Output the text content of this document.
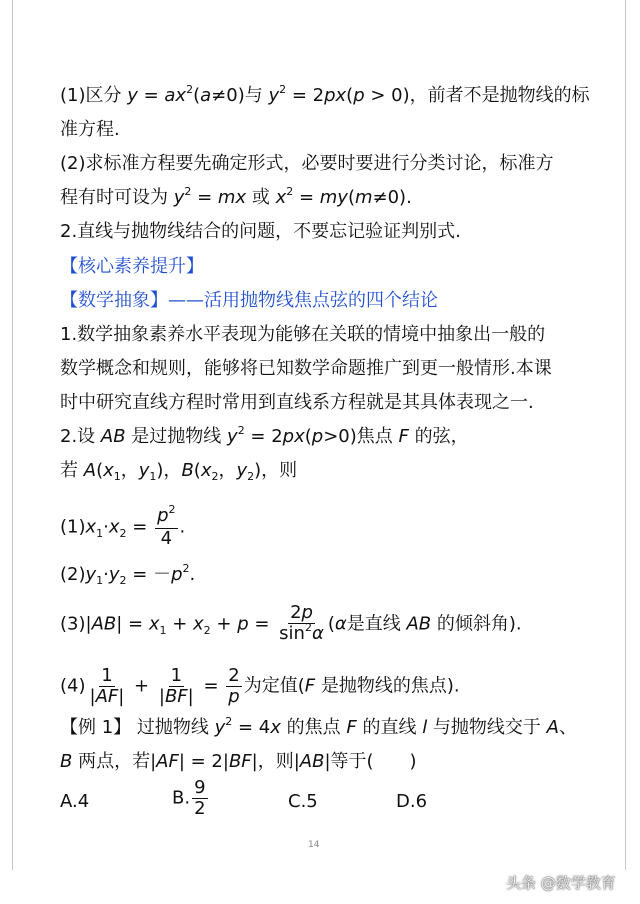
(1)区分 $y = ax^2(a\ne 0)$与 $y^2 = 2px(p > 0)$，前者不是抛物线的标
准方程.
(2)求标准方程要先确定形式，必要时要进行分类讨论，标准方
程有时可设为 $y^2$ = mx 或 $x^2 = my(m\ne 0)$.
2.直线与抛物线结合的问题，不要忘记验证判别式.
【核心素养提升】
【数学抽象】——活用抛物线焦点弦的四个结论
1.数学抽象素养水平表现为能够在关联的情境中抽象出一般的
数学概念和规则，能够将已知数学命题推广到更一般情形.本课
时中研究直线方程时常用到直线系方程就是其具体表现之一.
2.设 AB 是过抛物线 $y^2 = 2px(p>0)$焦点 F 的弦，
若 $A(x_1$，$y_1$)，$B(x_2$，$y_2$)，则
$(1)x_1\cdot x_2 = \frac{p^2}{4}$ .
$(2)y_1\cdot y_2 = -p^2$.
$(3)|AB| = x_1 + x_2 + p = \frac{2p}{\sin^2\alpha} (\alpha$是直线 AB 的倾斜角).
$(4) \frac{1}{|AF|} + \frac{1}{|BF|} = \frac{2}{p}$ 为定值(F 是抛物线的焦点).
【例 1】 过抛物线 $y^2 = 4x$ 的焦点 F 的直线 l 与抛物线交于 A、
B 两点，若|AF| = 2|BF|，则|AB|等于(　　)
A.4	B. $\frac{9}{2}$	C.5	D.6
14
头条 @数学教育
